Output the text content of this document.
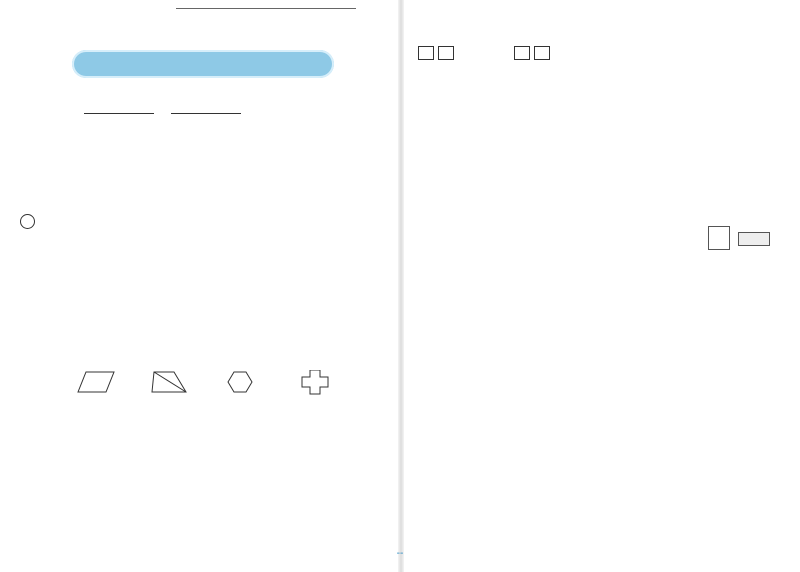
--
